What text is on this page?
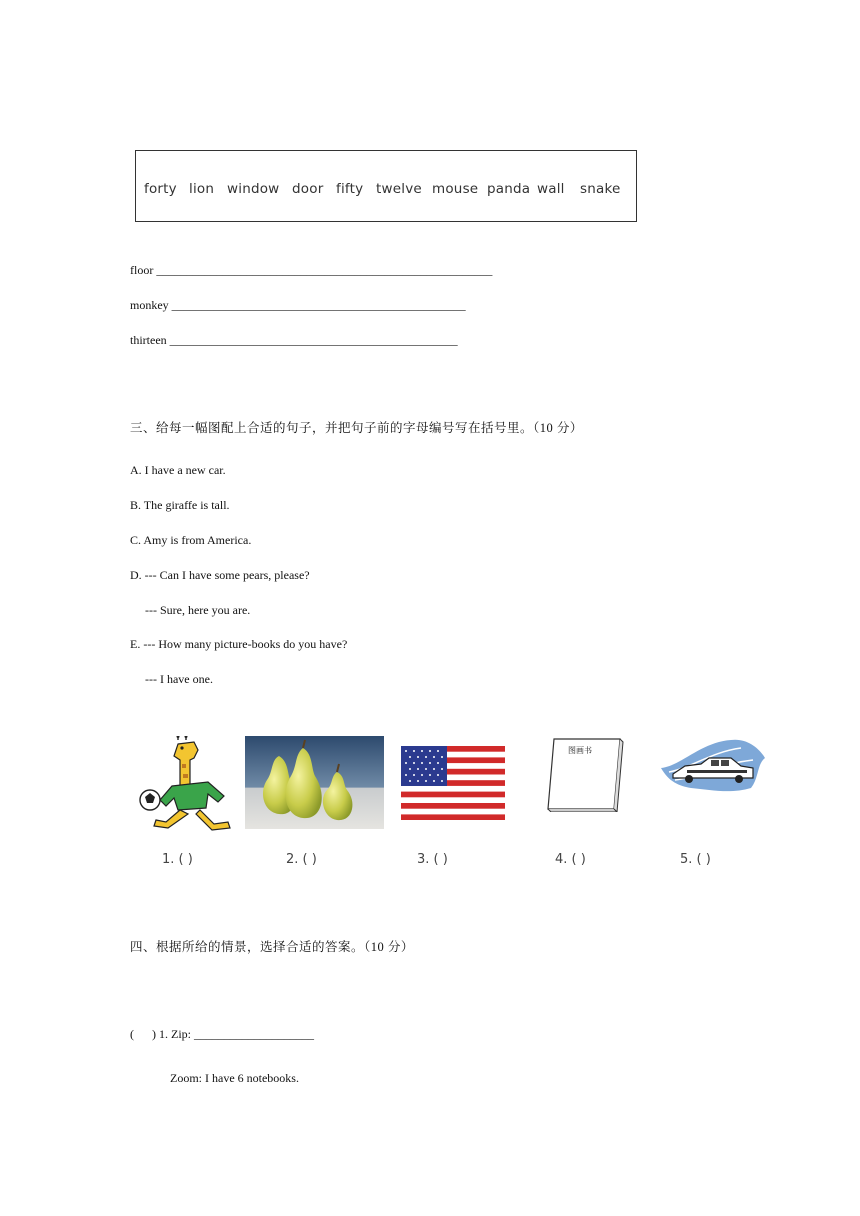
forty lion window door fifty twelve mouse panda wall snake
floor ________________________________________________________
monkey _________________________________________________
thirteen ________________________________________________
三、给每一幅图配上合适的句子，并把句子前的字母编号写在括号里。（10 分）
A. I have a new car.
B. The giraffe is tall.
C. Amy is from America.
D. --- Can I have some pears, please?
--- Sure, here you are.
E. --- How many picture-books do you have?
--- I have one.
图画书
1. ( )	2. ( )	3. ( )	4. ( )	5. ( )
四、根据所给的情景，选择合适的答案。（10 分）
(      ) 1. Zip: ____________________
Zoom: I have 6 notebooks.
